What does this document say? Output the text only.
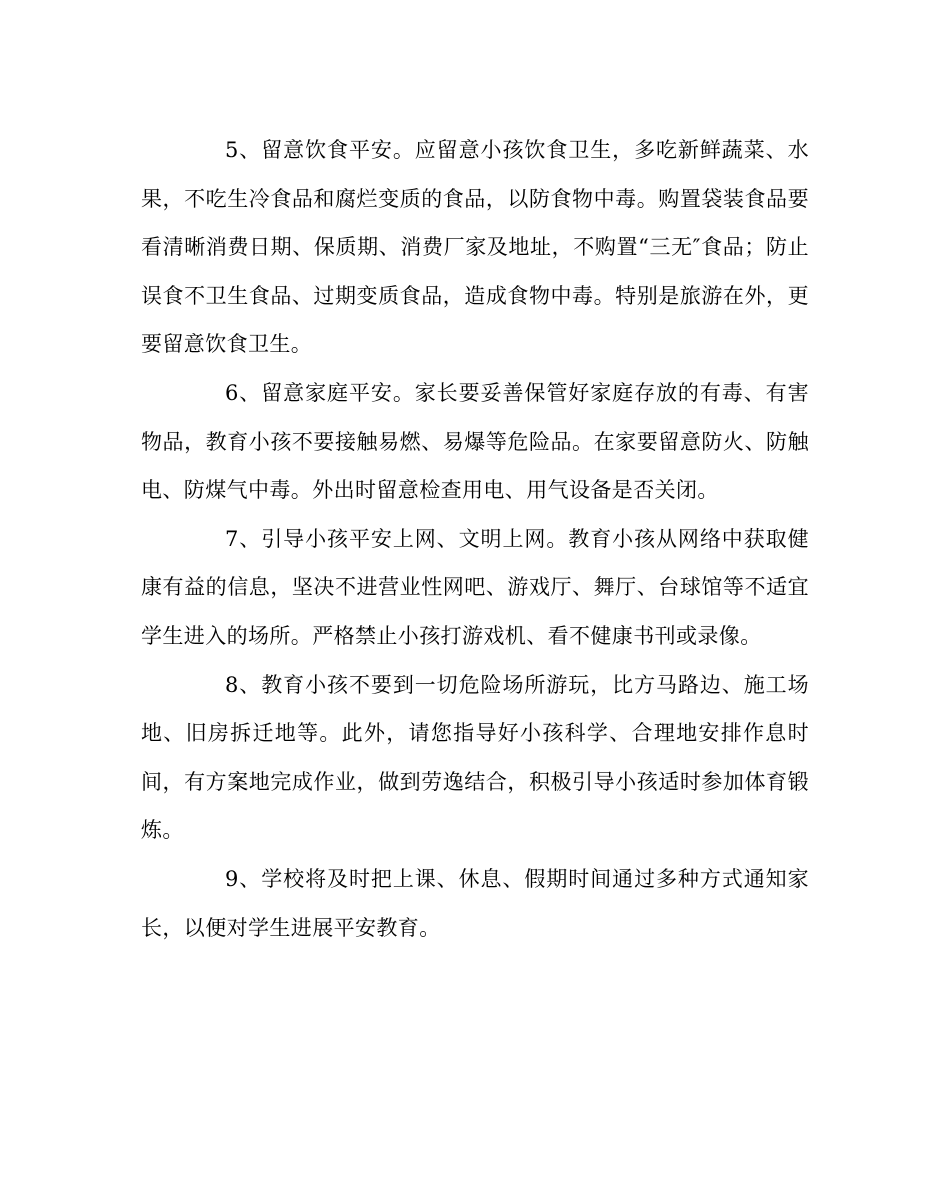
5、留意饮食平安。应留意小孩饮食卫生，多吃新鲜蔬菜、水果，不吃生冷食品和腐烂变质的食品，以防食物中毒。购置袋装食品要看清晰消费日期、保质期、消费厂家及地址，不购置“三无″食品；防止误食不卫生食品、过期变质食品，造成食物中毒。特别是旅游在外，更要留意饮食卫生。

6、留意家庭平安。家长要妥善保管好家庭存放的有毒、有害物品，教育小孩不要接触易燃、易爆等危险品。在家要留意防火、防触电、防煤气中毒。外出时留意检查用电、用气设备是否关闭。

7、引导小孩平安上网、文明上网。教育小孩从网络中获取健康有益的信息，坚决不进营业性网吧、游戏厅、舞厅、台球馆等不适宜学生进入的场所。严格禁止小孩打游戏机、看不健康书刊或录像。

8、教育小孩不要到一切危险场所游玩，比方马路边、施工场地、旧房拆迁地等。此外，请您指导好小孩科学、合理地安排作息时间，有方案地完成作业，做到劳逸结合，积极引导小孩适时参加体育锻炼。

9、学校将及时把上课、休息、假期时间通过多种方式通知家长，以便对学生进展平安教育。
